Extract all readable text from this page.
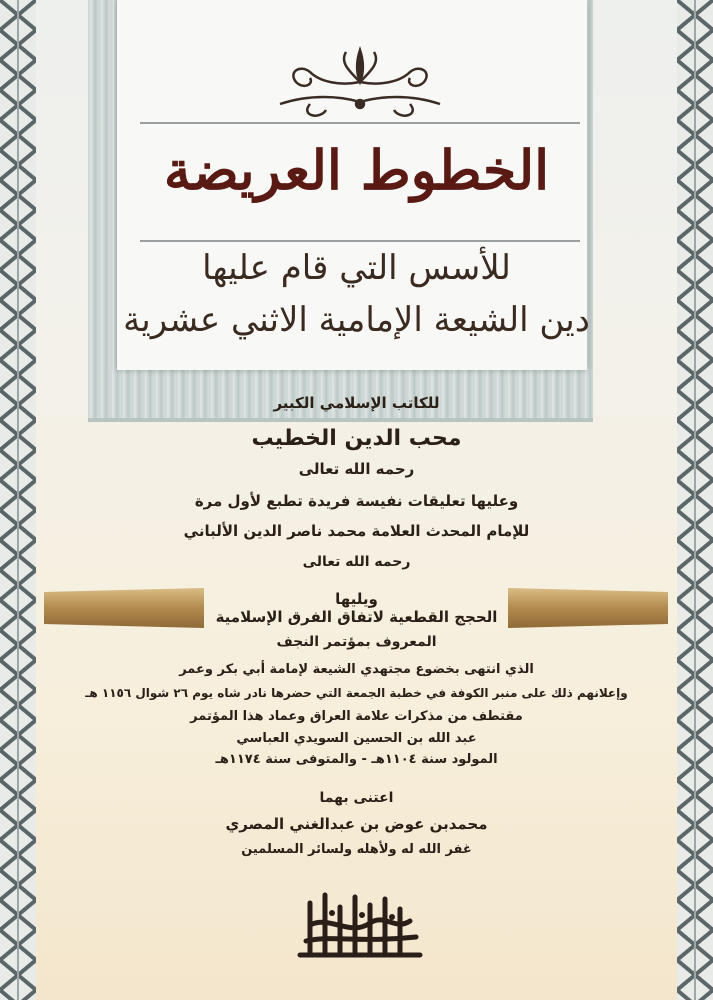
الخطوط العريضة
للأسس التي قام عليها
دين الشيعة الإمامية الاثني عشرية
للكاتب الإسلامي الكبير
محب الدين الخطيب
رحمه الله تعالى
وعليها تعليقات نفيسة فريدة تطبع لأول مرة
للإمام المحدث العلامة محمد ناصر الدين الألباني
رحمه الله تعالى
ويليها
الحجج القطعية لاتفاق الفرق الإسلامية
المعروف بمؤتمر النجف
الذي انتهى بخضوع مجتهدي الشيعة لإمامة أبي بكر وعمر
وإعلانهم ذلك على منبر الكوفة في خطبة الجمعة التي حضرها نادر شاه يوم ٢٦ شوال ١١٥٦ هـ
مقتطف من مذكرات علامة العراق وعماد هذا المؤتمر
عبد الله بن الحسين السويدي العباسي
المولود سنة ١١٠٤هـ - والمتوفى سنة ١١٧٤هـ
اعتنى بهما
محمدبن عوض بن عبدالغني المصري
غفر الله له ولأهله ولسائر المسلمين
